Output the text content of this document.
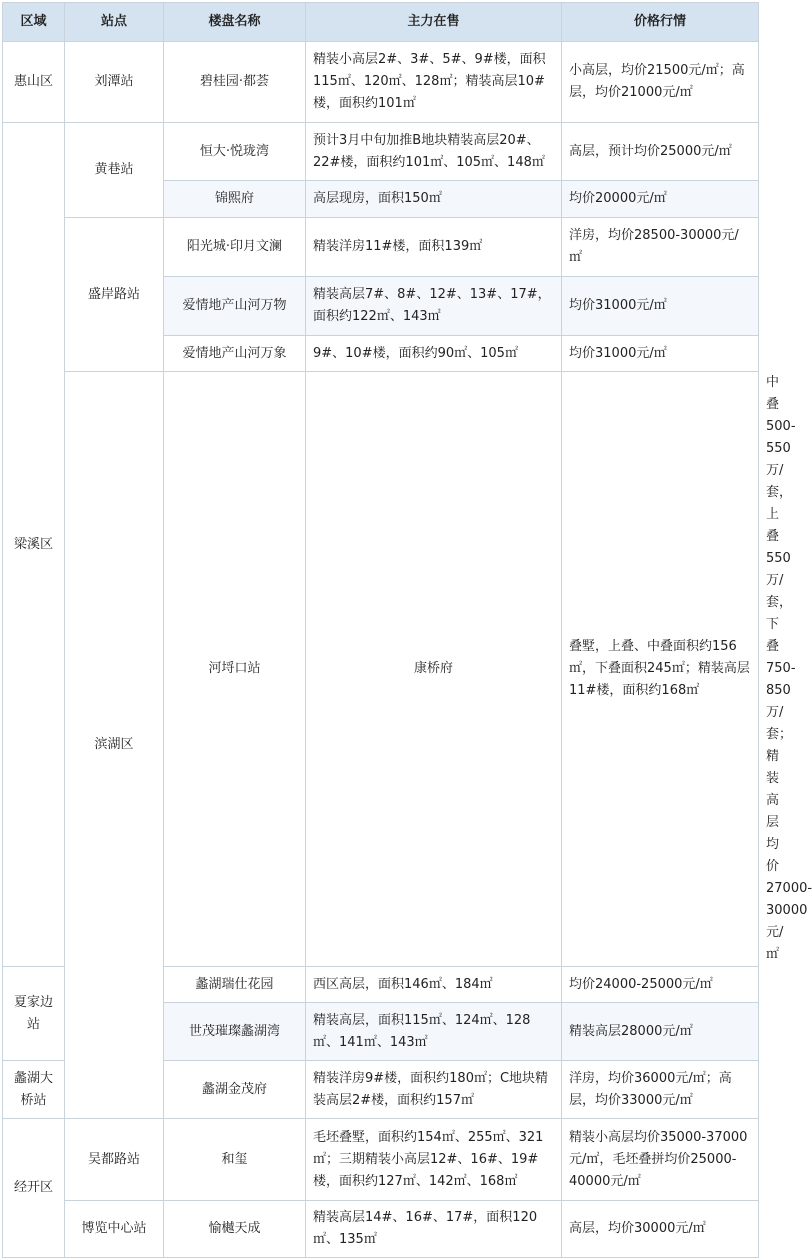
区域	站点	楼盘名称	主力在售	价格行情	
惠山区	刘潭站	碧桂园·都荟	精装小高层2#、3#、5#、9#楼，面积115㎡、120㎡、128㎡；精装高层10#楼，面积约101㎡	小高层，均价21500元/㎡；高层，均价21000元/㎡	
梁溪区	黄巷站	恒大·悦珑湾	预计3月中旬加推B地块精装高层20#、22#楼，面积约101㎡、105㎡、148㎡	高层，预计均价25000元/㎡	
		锦熙府	高层现房，面积150㎡	均价20000元/㎡	
	盛岸路站	阳光城·印月文澜	精装洋房11#楼，面积139㎡	洋房，均价28500-30000元/㎡	
		爱情地产山河万物	精装高层7#、8#、12#、13#、17#，面积约122㎡、143㎡	均价31000元/㎡	
		爱情地产山河万象	9#、10#楼，面积约90㎡、105㎡	均价31000元/㎡	
	滨湖区	河埒口站	康桥府	叠墅，上叠、中叠面积约156㎡，下叠面积245㎡；精装高层11#楼，面积约168㎡	中叠500-550万/套，上叠550万/套，下叠750-850万/套；精装高层均价27000-30000元/㎡
夏家边站		蠡湖瑞仕花园	西区高层，面积146㎡、184㎡	均价24000-25000元/㎡	
		世茂璀璨蠡湖湾	精装高层，面积115㎡、124㎡、128㎡、141㎡、143㎡	精装高层28000元/㎡	
蠡湖大桥站		蠡湖金茂府	精装洋房9#楼，面积约180㎡；C地块精装高层2#楼，面积约157㎡	洋房，均价36000元/㎡；高层，均价33000元/㎡	
经开区	吴都路站	和玺	毛坯叠墅，面积约154㎡、255㎡、321㎡；三期精装小高层12#、16#、19#楼，面积约127㎡、142㎡、168㎡	精装小高层均价35000-37000元/㎡，毛坯叠拼均价25000-40000元/㎡	
	博览中心站	愉樾天成	精装高层14#、16#、17#，面积120㎡、135㎡	高层，均价30000元/㎡	
